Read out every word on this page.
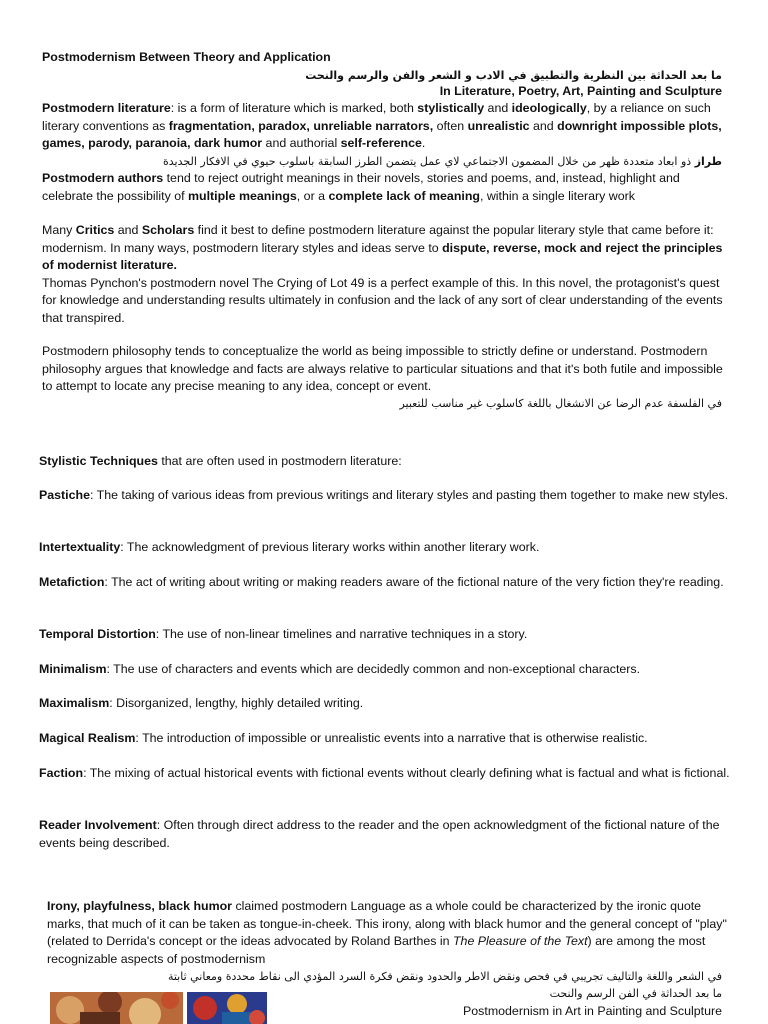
Postmodernism Between Theory and Application

ما بعد الحداثة بين النظرية والتطبيق في الادب و الشعر والفن والرسم والنحت

In Literature, Poetry, Art, Painting and Sculpture

Postmodern literature: is a form of literature which is marked, both stylistically and ideologically, by a reliance on such literary conventions as fragmentation, paradox, unreliable narrators, often unrealistic and downright impossible plots, games, parody, paranoia, dark humor and authorial self-reference.

طراز ذو ابعاد متعددة ظهر من خلال المضمون الاجتماعي لاي عمل يتضمن الطرز السابقة باسلوب حيوي في الافكار الجديدة

Postmodern authors tend to reject outright meanings in their novels, stories and poems, and, instead, highlight and celebrate the possibility of multiple meanings, or a complete lack of meaning, within a single literary work

Many Critics and Scholars find it best to define postmodern literature against the popular literary style that came before it: modernism. In many ways, postmodern literary styles and ideas serve to dispute, reverse, mock and reject the principles of modernist literature.
Thomas Pynchon's postmodern novel The Crying of Lot 49 is a perfect example of this. In this novel, the protagonist's quest for knowledge and understanding results ultimately in confusion and the lack of any sort of clear understanding of the events that transpired.

Postmodern philosophy tends to conceptualize the world as being impossible to strictly define or understand. Postmodern philosophy argues that knowledge and facts are always relative to particular situations and that it's both futile and impossible to attempt to locate any precise meaning to any idea, concept or event.

في الفلسفة عدم الرضا عن الانشغال باللغة كاسلوب غير مناسب للتعبير

Stylistic Techniques that are often used in postmodern literature:

Pastiche: The taking of various ideas from previous writings and literary styles and pasting them together to make new styles.

Intertextuality: The acknowledgment of previous literary works within another literary work.

Metafiction: The act of writing about writing or making readers aware of the fictional nature of the very fiction they're reading.

Temporal Distortion: The use of non-linear timelines and narrative techniques in a story.

Minimalism: The use of characters and events which are decidedly common and non-exceptional characters.

Maximalism: Disorganized, lengthy, highly detailed writing.

Magical Realism: The introduction of impossible or unrealistic events into a narrative that is otherwise realistic.

Faction: The mixing of actual historical events with fictional events without clearly defining what is factual and what is fictional.

Reader Involvement: Often through direct address to the reader and the open acknowledgment of the fictional nature of the events being described.

Irony, playfulness, black humor claimed postmodern Language as a whole could be characterized by the ironic quote marks, that much of it can be taken as tongue-in-cheek. This irony, along with black humor and the general concept of "play" (related to Derrida's concept or the ideas advocated by Roland Barthes in The Pleasure of the Text) are among the most recognizable aspects of postmodernism

في الشعر واللغة والتاليف تجريبي في فحص ونقض الاطر والحدود ونقض فكرة السرد المؤدي الى نقاط محددة ومعاني ثابتة

ما بعد الحداثة في الفن الرسم والنحت

Postmodernism in Art in Painting and Sculpture
